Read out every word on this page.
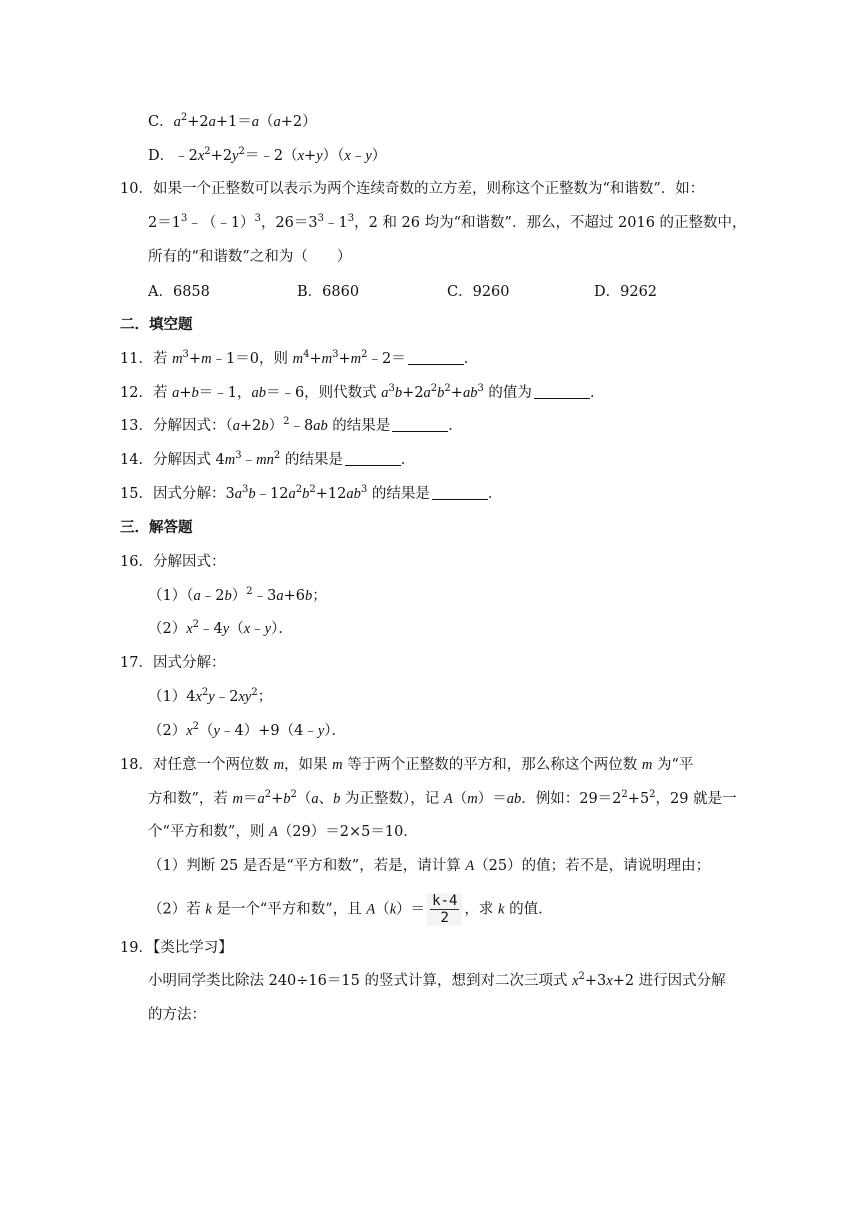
C．$a^2+2a+1=a(a+2)$
D．$﹣2x^2+2y^2=﹣2(x+y)(x﹣y)$
10．如果一个正整数可以表示为两个连续奇数的立方差，则称这个正整数为“和谐数”．如：
$2=1^3﹣(﹣1)^3$，$26=3^3﹣1^3$，2 和 26 均为“和谐数”．那么，不超过 2016 的正整数中，
所有的“和谐数”之和为（　　）
A．6858	B．6860	C．9260	D．9262
二．填空题
11．若 $m^3+m﹣1=0$，则 $m^4+m^3+m^2﹣2=$	．
12．若 a+b＝﹣1，ab＝﹣6，则代数式 $a^3b+2a^2b^2+ab^3$ 的值为	．
13．分解因式：$(a+2b)^2﹣8ab$ 的结果是	．
14．分解因式 $4m^3﹣mn^2$ 的结果是	．
15．因式分解：$3a^3b﹣12a^2b^2+12ab^3$ 的结果是	．
三．解答题
16．分解因式：
（1）（a﹣2b）$^2$﹣3a+6b；
$(2)x^2﹣4y(x﹣y)$．
17．因式分解：
$(1)4x^2y﹣2xy^2$；
$(2)x^2(y﹣4)+9(4﹣y)$．
18．对任意一个两位数 m，如果 m 等于两个正整数的平方和，那么称这个两位数 m 为“平
方和数”，若 $m=a^2+b^2(a$、b 为正整数），记 A（m）＝ab．例如：$29=2^2+5^2$，29 就是一
个“平方和数”，则 A（29）＝2×5＝10．
（1）判断 25 是否是“平方和数”，若是，请计算 A（25）的值；若不是，请说明理由；
（2）若 k 是一个“平方和数”，且 $A(k)= \frac{k-4}{2}$ ，求 k 的值．
19．【类比学习】
小明同学类比除法 240÷16＝15 的竖式计算，想到对二次三项式 $x^2+3x+2$ 进行因式分解
的方法：
